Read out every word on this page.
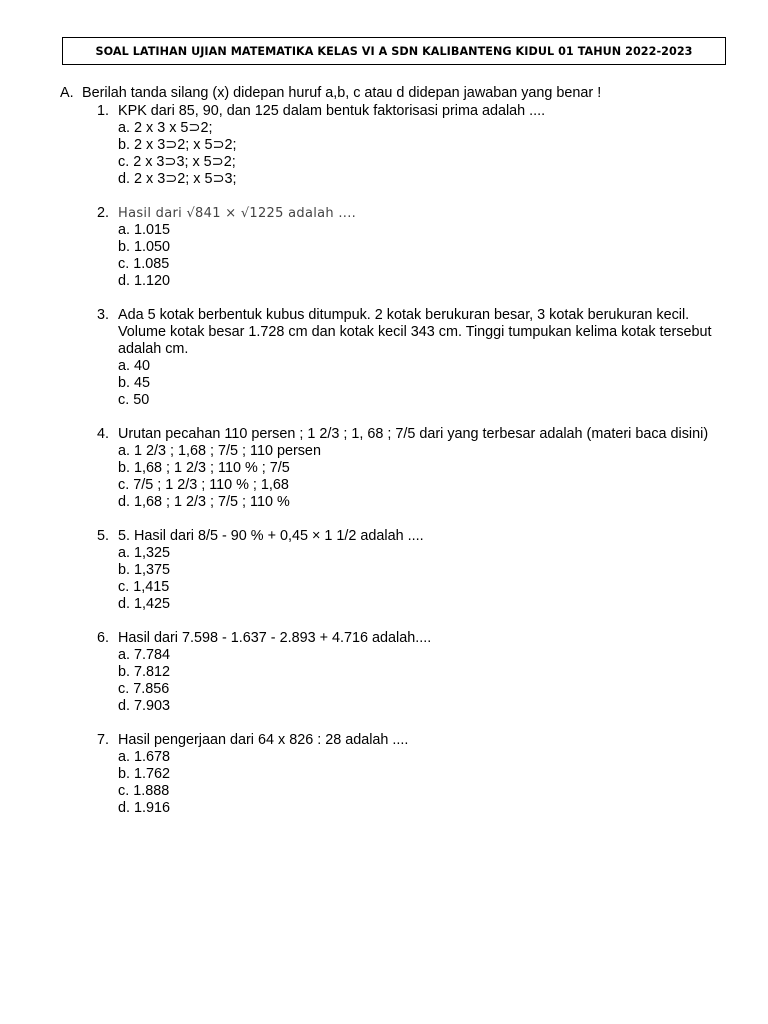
SOAL LATIHAN UJIAN MATEMATIKA KELAS VI A SDN KALIBANTENG KIDUL 01 TAHUN 2022-2023
A. Berilah tanda silang (x) didepan huruf a,b, c atau d didepan jawaban yang benar !
1. KPK dari 85, 90, dan 125 dalam bentuk faktorisasi prima adalah ....

a. 2 x 3 x 5⊃2;

b. 2 x 3⊃2; x 5⊃2;

c. 2 x 3⊃3; x 5⊃2;

d. 2 x 3⊃2; x 5⊃3;

2. Hasil dari √841 × √1225 adalah ....

a. 1.015

b. 1.050

c. 1.085

d. 1.120

3. Ada 5 kotak berbentuk kubus ditumpuk. 2 kotak berukuran besar, 3 kotak berukuran kecil. Volume kotak besar 1.728 cm dan kotak kecil 343 cm. Tinggi tumpukan kelima kotak tersebut adalah cm.

a. 40

b. 45

c. 50

4. Urutan pecahan 110 persen ; 1 2/3 ; 1, 68 ; 7/5 dari yang terbesar adalah (materi baca disini)

a. 1 2/3 ; 1,68 ; 7/5 ; 110 persen

b. 1,68 ; 1 2/3 ; 110 % ; 7/5

c. 7/5 ; 1 2/3 ; 110 % ; 1,68

d. 1,68 ; 1 2/3 ; 7/5 ; 110 %

5. 5. Hasil dari 8/5 - 90 % + 0,45 × 1 1/2 adalah ....

a. 1,325

b. 1,375

c. 1,415

d. 1,425

6. Hasil dari 7.598 - 1.637 - 2.893 + 4.716 adalah....

a. 7.784

b. 7.812

c. 7.856

d. 7.903

7. Hasil pengerjaan dari 64 x 826 : 28 adalah ....

a. 1.678

b. 1.762

c. 1.888

d. 1.916
